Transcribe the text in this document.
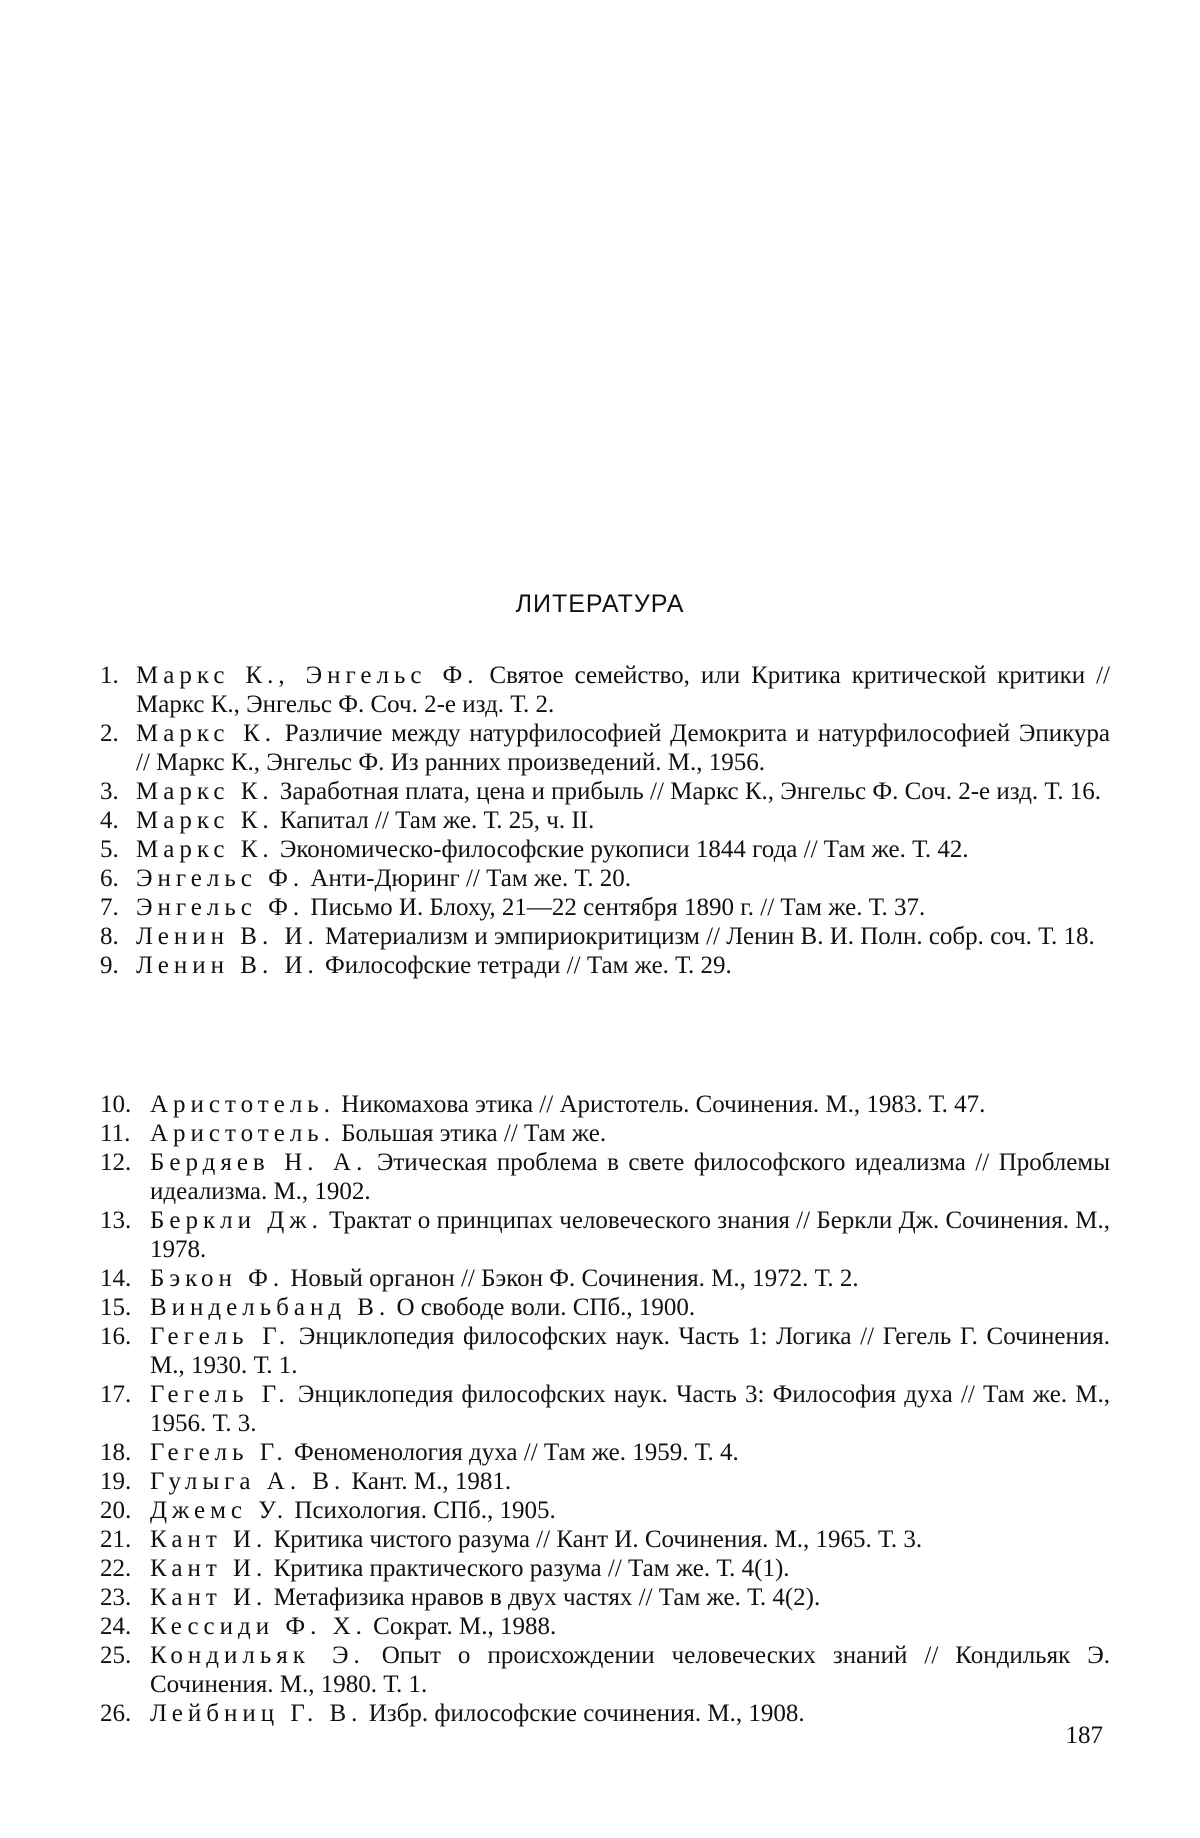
ЛИТЕРАТУРА
1. Маркс К., Энгельс Ф. Святое семейство, или Критика критической критики // Маркс К., Энгельс Ф. Соч. 2-е изд. Т. 2.
2. Маркс К. Различие между натурфилософией Демокрита и натурфилософией Эпикура // Маркс К., Энгельс Ф. Из ранних произведений. М., 1956.
3. Маркс К. Заработная плата, цена и прибыль // Маркс К., Энгельс Ф. Соч. 2-е изд. Т. 16.
4. Маркс К. Капитал // Там же. Т. 25, ч. II.
5. Маркс К. Экономическо-философские рукописи 1844 года // Там же. Т. 42.
6. Энгельс Ф. Анти-Дюринг // Там же. Т. 20.
7. Энгельс Ф. Письмо И. Блоху, 21—22 сентября 1890 г. // Там же. Т. 37.
8. Ленин В. И. Материализм и эмпириокритицизм // Ленин В. И. Полн. собр. соч. Т. 18.
9. Ленин В. И. Философские тетради // Там же. Т. 29.
10. Аристотель. Никомахова этика // Аристотель. Сочинения. М., 1983. Т. 47.
11. Аристотель. Большая этика // Там же.
12. Бердяев Н. А. Этическая проблема в свете философского идеализма // Проблемы идеализма. М., 1902.
13. Беркли Дж. Трактат о принципах человеческого знания // Беркли Дж. Сочинения. М., 1978.
14. Бэкон Ф. Новый органон // Бэкон Ф. Сочинения. М., 1972. Т. 2.
15. Виндельбанд В. О свободе воли. СПб., 1900.
16. Гегель Г. Энциклопедия философских наук. Часть 1: Логика // Гегель Г. Сочинения. М., 1930. Т. 1.
17. Гегель Г. Энциклопедия философских наук. Часть 3: Философия духа // Там же. М., 1956. Т. 3.
18. Гегель Г. Феноменология духа // Там же. 1959. Т. 4.
19. Гулыга А. В. Кант. М., 1981.
20. Джемс У. Психология. СПб., 1905.
21. Кант И. Критика чистого разума // Кант И. Сочинения. М., 1965. Т. 3.
22. Кант И. Критика практического разума // Там же. Т. 4(1).
23. Кант И. Метафизика нравов в двух частях // Там же. Т. 4(2).
24. Кессиди Ф. Х. Сократ. М., 1988.
25. Кондильяк Э. Опыт о происхождении человеческих знаний // Кондильяк Э. Сочинения. М., 1980. Т. 1.
26. Лейбниц Г. В. Избр. философские сочинения. М., 1908.
187
